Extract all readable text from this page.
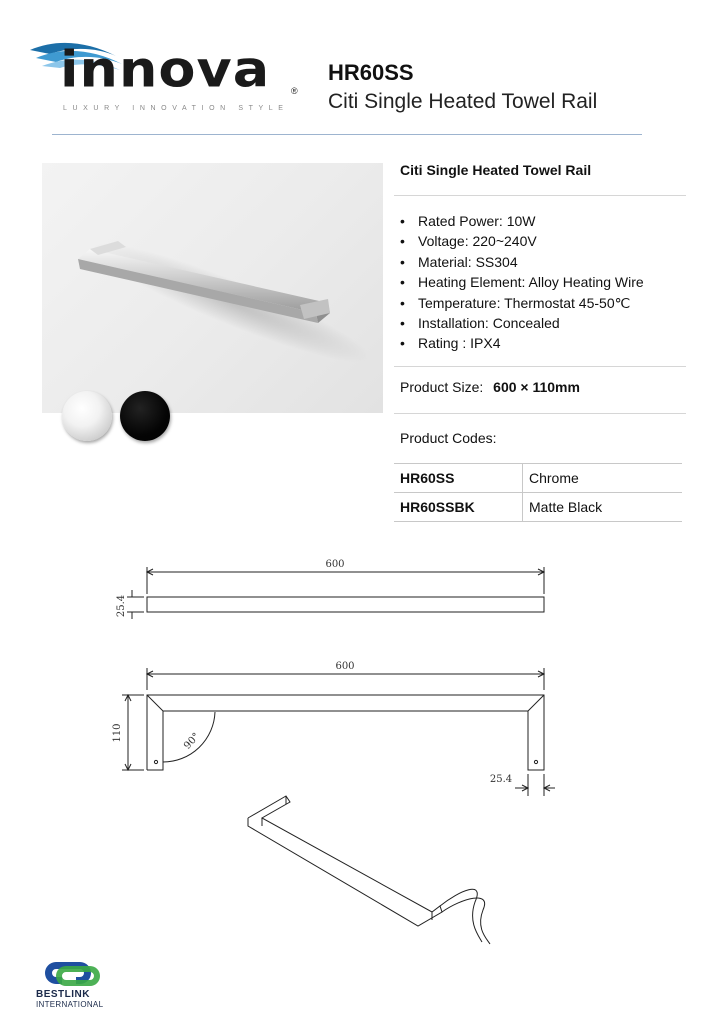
innova ®
LUXURY INNOVATION STYLE
HR60SS
Citi Single Heated Towel Rail
Citi Single Heated Towel Rail
• Rated Power: 10W
• Voltage: 220~240V
• Material: SS304
• Heating Element: Alloy Heating Wire
• Temperature: Thermostat 45-50℃
• Installation: Concealed
• Rating : IPX4
Product Size: 600 × 110mm
Product Codes:
HR60SS	Chrome
HR60SSBK	Matte Black
600
25.4
600
110	90°
25.4
BESTLINK
INTERNATIONAL
